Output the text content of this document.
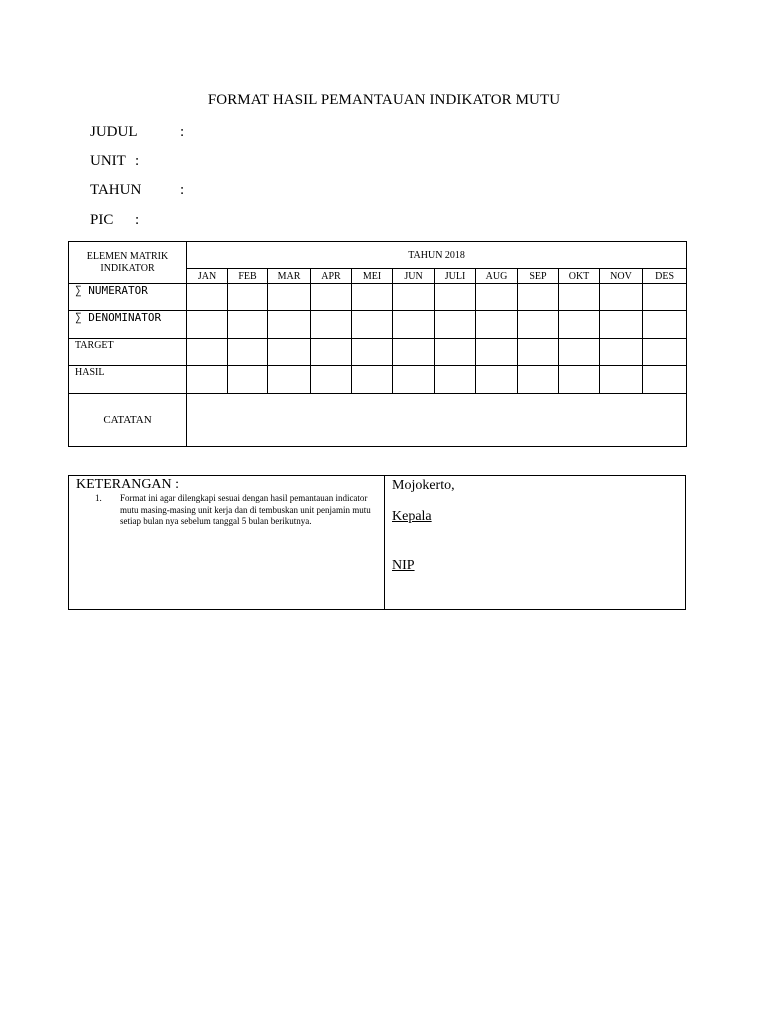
FORMAT HASIL PEMANTAUAN INDIKATOR MUTU
JUDUL	:
UNIT :
TAHUN	:
PIC :
ELEMEN MATRIK INDIKATOR	TAHUN 2018											
	JAN	FEB	MAR	APR	MEI	JUN	JULI	AUG	SEP	OKT	NOV	DES
∑ NUMERATOR												
∑ DENOMINATOR												
TARGET												
HASIL												
CATATAN												
KETERANGAN :
1. Format ini agar dilengkapi sesuai dengan hasil pemantauan indicator mutu masing-masing unit kerja dan di tembuskan unit penjamin mutu setiap bulan nya sebelum tanggal 5 bulan berikutnya.
Mojokerto,
Kepala
NIP
